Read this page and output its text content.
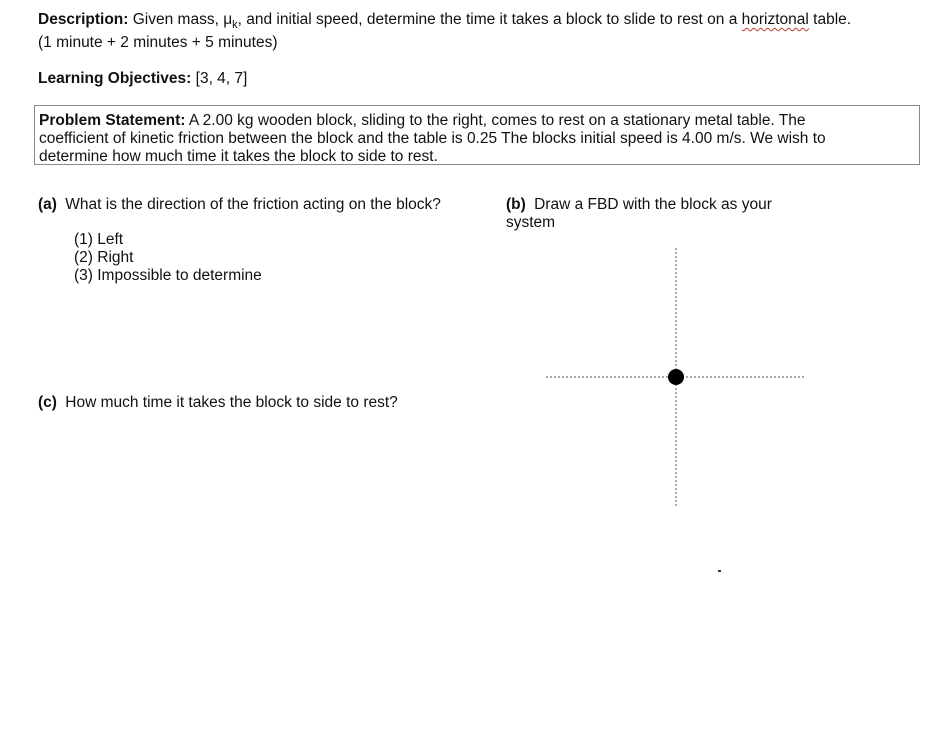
Description: Given mass, $\mu_k$, and initial speed, determine the time it takes a block to slide to rest on a horiztonal table.
(1 minute + 2 minutes + 5 minutes)
Learning Objectives: [3, 4, 7]
Problem Statement: A 2.00 kg wooden block, sliding to the right, comes to rest on a stationary metal table. The
coefficient of kinetic friction between the block and the table is 0.25 The blocks initial speed is 4.00 m/s. We wish to
determine how much time it takes the block to side to rest.
(a) What is the direction of the friction acting on the block?
(1) Left
(2) Right
(3) Impossible to determine
(b) Draw a FBD with the block as your
system
(c) How much time it takes the block to side to rest?
